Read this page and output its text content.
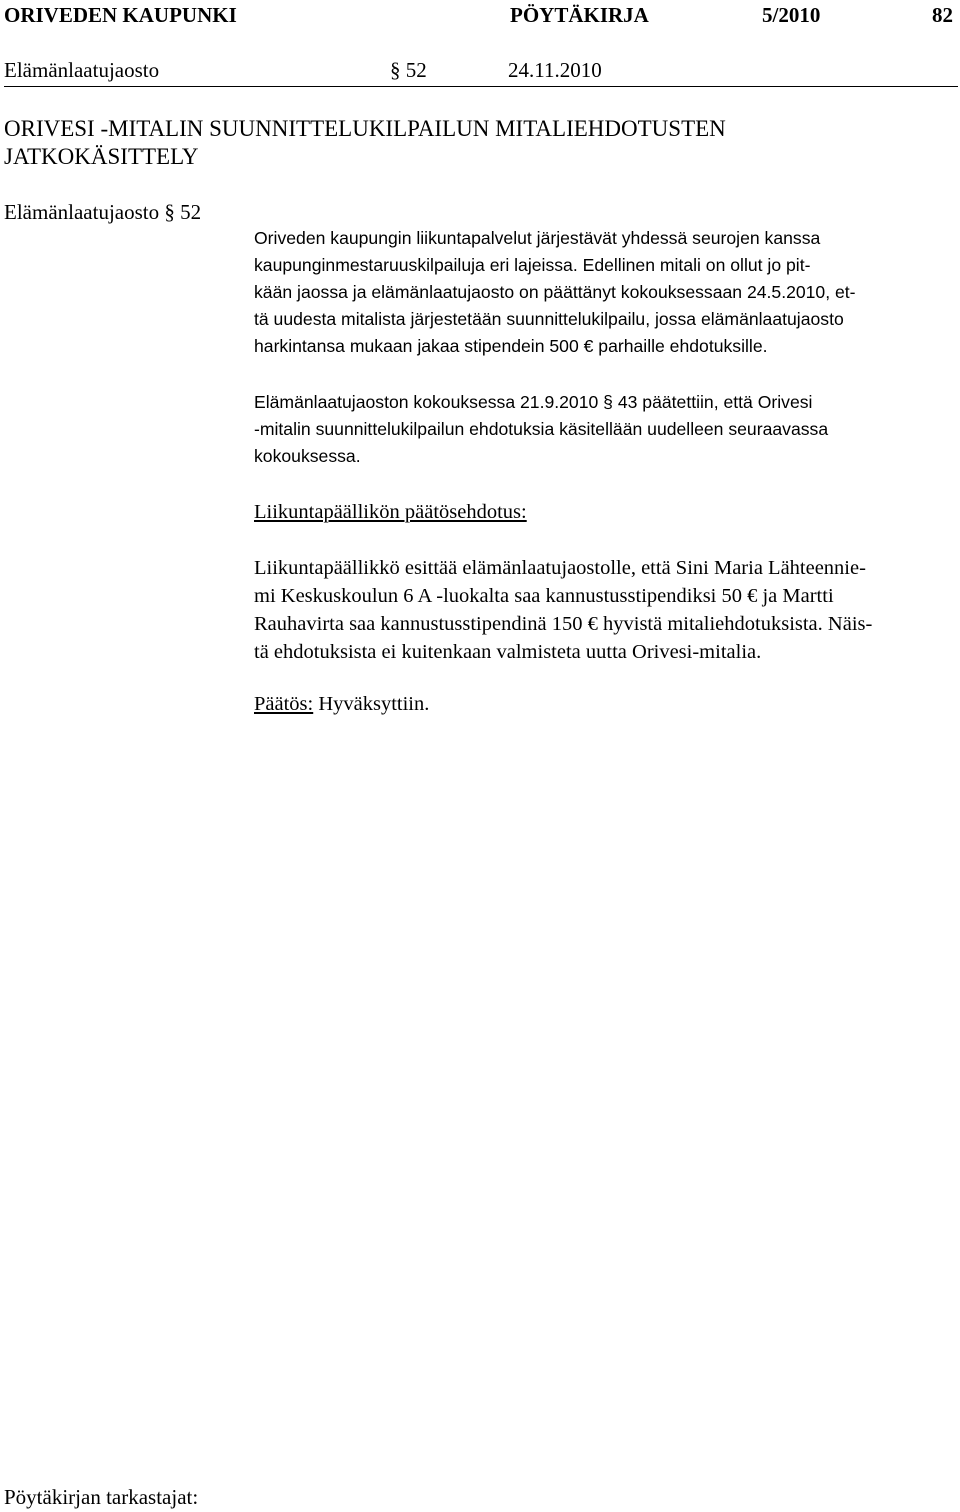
ORIVEDEN KAUPUNKI	PÖYTÄKIRJA	5/2010	82
Elämänlaatujaosto	§ 52	24.11.2010
ORIVESI -MITALIN SUUNNITTELUKILPAILUN MITALIEHDOTUSTEN
JATKOKÄSITTELY
Elämänlaatujaosto § 52
Oriveden kaupungin liikuntapalvelut järjestävät yhdessä seurojen kanssa
kaupunginmestaruuskilpailuja eri lajeissa. Edellinen mitali on ollut jo pit-
kään jaossa ja elämänlaatujaosto on päättänyt kokouksessaan 24.5.2010, et-
tä uudesta mitalista järjestetään suunnittelukilpailu, jossa elämänlaatujaosto
harkintansa mukaan jakaa stipendein 500 € parhaille ehdotuksille.
Elämänlaatujaoston kokouksessa 21.9.2010 § 43 päätettiin, että Orivesi
-mitalin suunnittelukilpailun ehdotuksia käsitellään uudelleen seuraavassa
kokouksessa.
Liikuntapäällikön päätösehdotus:
Liikuntapäällikkö esittää elämänlaatujaostolle, että Sini Maria Lähteennie-
mi Keskuskoulun 6 A -luokalta saa kannustusstipendiksi 50 € ja Martti
Rauhavirta saa kannustusstipendinä 150 € hyvistä mitaliehdotuksista. Näis-
tä ehdotuksista ei kuitenkaan valmisteta uutta Orivesi-mitalia.
Päätös: Hyväksyttiin.
Pöytäkirjan tarkastajat:
